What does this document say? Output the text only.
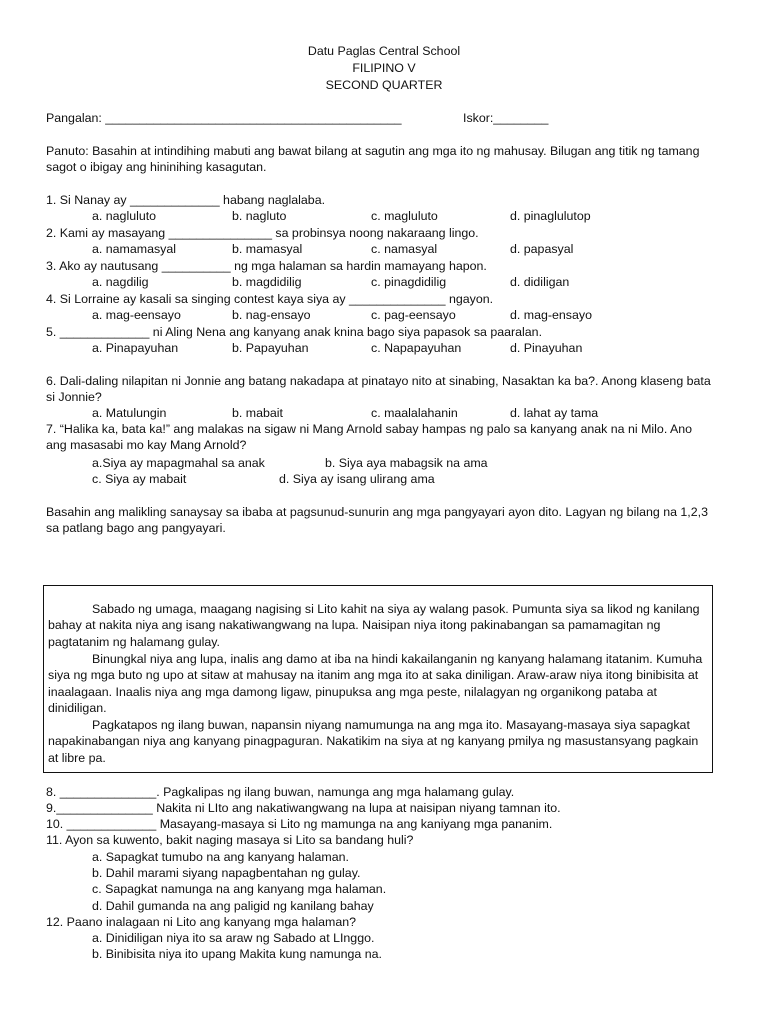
Datu Paglas Central School
FILIPINO V
SECOND QUARTER
Pangalan: ___________________________________________	Iskor:________
Panuto: Basahin at intindihing mabuti ang bawat bilang at sagutin ang mga ito ng mahusay. Bilugan ang titik ng tamang sagot o ibigay ang hininihing kasagutan.
1. Si Nanay ay _____________ habang naglalaba.
a. nagluluto	b. nagluto	c. magluluto	d. pinaglulutop
2. Kami ay masayang _______________ sa probinsya noong nakaraang lingo.
a. namamasyal	b. mamasyal	c. namasyal	d. papasyal
3. Ako ay nautusang __________ ng mga halaman sa hardin mamayang hapon.
a. nagdilig	b. magdidilig	c. pinagdidilig	d. didiligan
4. Si Lorraine ay kasali sa singing contest kaya siya ay ______________ ngayon.
a. mag-eensayo	b. nag-ensayo	c. pag-eensayo	d. mag-ensayo
5. _____________ ni Aling Nena ang kanyang anak knina bago siya papasok sa paaralan.
a. Pinapayuhan	b. Papayuhan	c. Napapayuhan	d. Pinayuhan
6. Dali-daling nilapitan ni Jonnie ang batang nakadapa at pinatayo nito at sinabing, Nasaktan ka ba?. Anong klaseng bata si Jonnie?
a. Matulungin	b. mabait	c. maalalahanin	d. lahat ay tama
7. “Halika ka, bata ka!” ang malakas na sigaw ni Mang Arnold sabay hampas ng palo sa kanyang anak na ni Milo. Ano ang masasabi mo kay Mang Arnold?
a.Siya ay mapagmahal sa anak	b. Siya aya mabagsik na ama
c. Siya ay mabait	d. Siya ay isang ulirang ama
Basahin ang malikling sanaysay sa ibaba at pagsunud-sunurin ang mga pangyayari ayon dito. Lagyan ng bilang na 1,2,3 sa patlang bago ang pangyayari.

Sabado ng umaga, maagang nagising si Lito kahit na siya ay walang pasok. Pumunta siya sa likod ng kanilang bahay at nakita niya ang isang nakatiwangwang na lupa. Naisipan niya itong pakinabangan sa pamamagitan ng pagtatanim ng halamang gulay.

Binungkal niya ang lupa, inalis ang damo at iba na hindi kakailanganin ng kanyang halamang itatanim. Kumuha siya ng mga buto ng upo at sitaw at mahusay na itanim ang mga ito at saka diniligan. Araw-araw niya itong binibisita at inaalagaan. Inaalis niya ang mga damong ligaw, pinupuksa ang mga peste, nilalagyan ng organikong pataba at dinidiligan.

Pagkatapos ng ilang buwan, napansin niyang namumunga na ang mga ito. Masayang-masaya siya sapagkat napakinabangan niya ang kanyang pinagpaguran. Nakatikim na siya at ng kanyang pmilya ng masustansyang pagkain at libre pa.

8. ______________. Pagkalipas ng ilang buwan, namunga ang mga halamang gulay.
9.______________ Nakita ni LIto ang nakatiwangwang na lupa at naisipan niyang tamnan ito.
10. _____________ Masayang-masaya si Lito ng mamunga na ang kaniyang mga pananim.
11. Ayon sa kuwento, bakit naging masaya si Lito sa bandang huli?
a. Sapagkat tumubo na ang kanyang halaman.
b. Dahil marami siyang napagbentahan ng gulay.
c. Sapagkat namunga na ang kanyang mga halaman.
d. Dahil gumanda na ang paligid ng kanilang bahay
12. Paano inalagaan ni Lito ang kanyang mga halaman?
a. Dinidiligan niya ito sa araw ng Sabado at LInggo.
b. Binibisita niya ito upang Makita kung namunga na.
